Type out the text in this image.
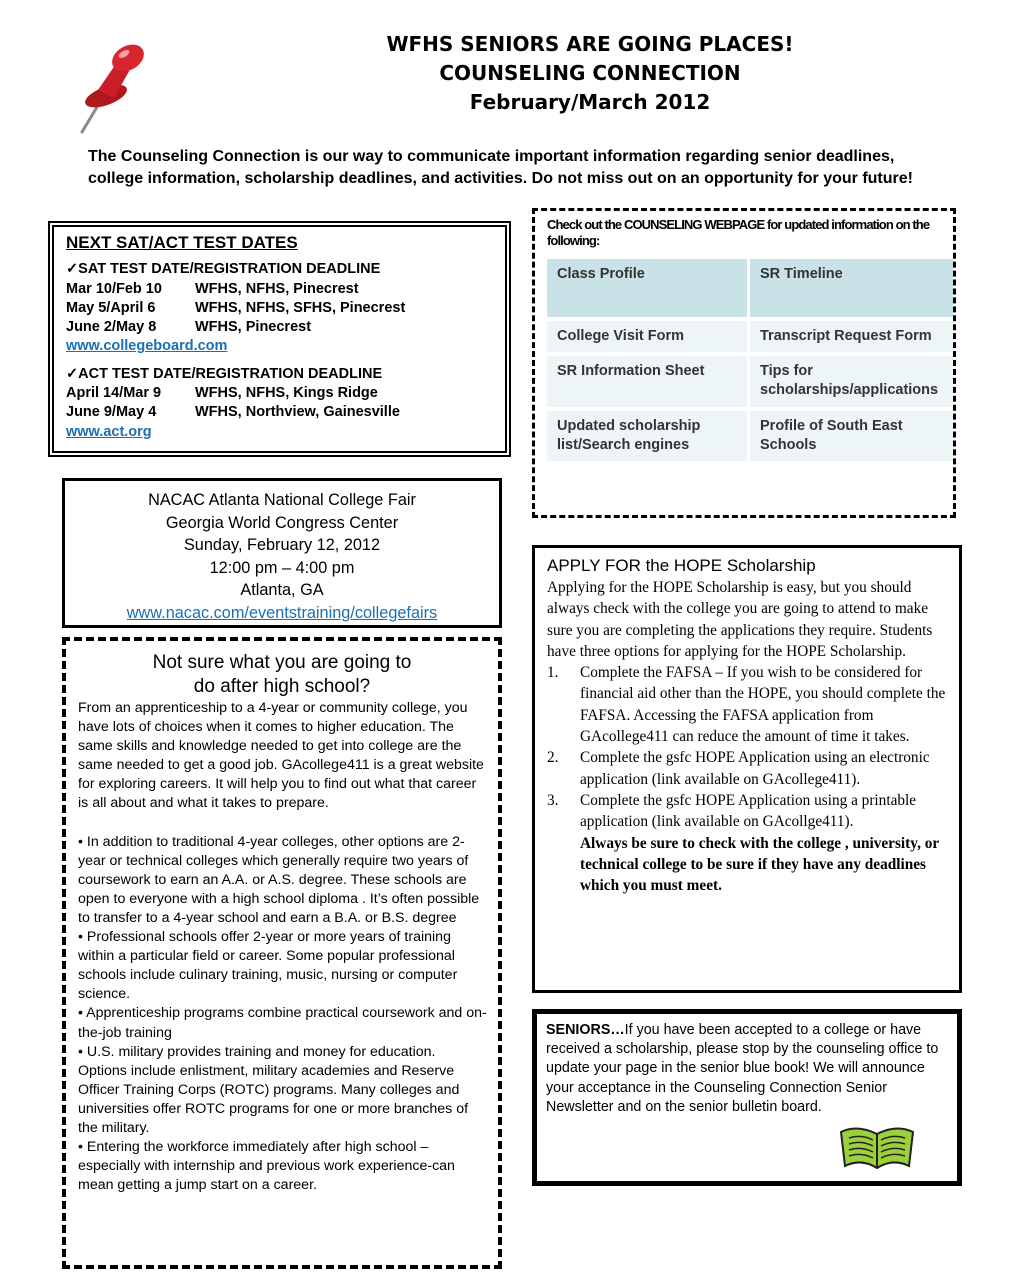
WFHS SENIORS ARE GOING PLACES!
COUNSELING CONNECTION
February/March 2012
The Counseling Connection is our way to communicate important information regarding senior deadlines, college information, scholarship deadlines, and activities. Do not miss out on an opportunity for your future!
NEXT SAT/ACT TEST DATES
✓SAT TEST DATE/REGISTRATION DEADLINE
Mar 10/Feb 10 WFHS, NFHS, Pinecrest
May 5/April 6	WFHS, NFHS, SFHS, Pinecrest
June 2/May 8	WFHS, Pinecrest
www.collegeboard.com
✓ACT TEST DATE/REGISTRATION DEADLINE
April 14/Mar 9 WFHS, NFHS, Kings Ridge
June 9/May 4	WFHS, Northview, Gainesville
www.act.org
Check out the COUNSELING WEBPAGE for updated information on the following:
Class Profile	SR Timeline
College Visit Form	Transcript Request Form
SR Information Sheet	Tips for scholarships/applications
Updated scholarship list/Search engines	Profile of South East Schools
NACAC Atlanta National College Fair
Georgia World Congress Center
Sunday, February 12, 2012
12:00 pm – 4:00 pm
Atlanta, GA
www.nacac.com/eventstraining/collegefairs
Not sure what you are going to
do after high school?

From an apprenticeship to a 4-year or community college, you have lots of choices when it comes to higher education. The same skills and knowledge needed to get into college are the same needed to get a good job. GAcollege411 is a great website for exploring careers. It will help you to find out what that career is all about and what it takes to prepare.

• In addition to traditional 4-year colleges, other options are 2-year or technical colleges which generally require two years of coursework to earn an A.A. or A.S. degree. These schools are open to everyone with a high school diploma . It’s often possible to transfer to a 4-year school and earn a B.A. or B.S. degree

• Professional schools offer 2-year or more years of training within a particular field or career. Some popular professional schools include culinary training, music, nursing or computer science.

• Apprenticeship programs combine practical coursework and on-the-job training

• U.S. military provides training and money for education. Options include enlistment, military academies and Reserve Officer Training Corps (ROTC) programs. Many colleges and universities offer ROTC programs for one or more branches of the military.

• Entering the workforce immediately after high school – especially with internship and previous work experience-can mean getting a jump start on a career.

APPLY FOR the HOPE Scholarship
Applying for the HOPE Scholarship is easy, but you should always check with the college you are going to attend to make sure you are completing the applications they require. Students have three options for applying for the HOPE Scholarship.
1. Complete the FAFSA – If you wish to be considered for financial aid other than the HOPE, you should complete the FAFSA. Accessing the FAFSA application from GAcollege411 can reduce the amount of time it takes.
2. Complete the gsfc HOPE Application using an electronic application (link available on GAcollege411).
3. Complete the gsfc HOPE Application using a printable application (link available on GAcollge411).
Always be sure to check with the college , university, or technical college to be sure if they have any deadlines which you must meet.
SENIORS…If you have been accepted to a college or have received a scholarship, please stop by the counseling office to update your page in the senior blue book! We will announce your acceptance in the Counseling Connection Senior Newsletter and on the senior bulletin board.
